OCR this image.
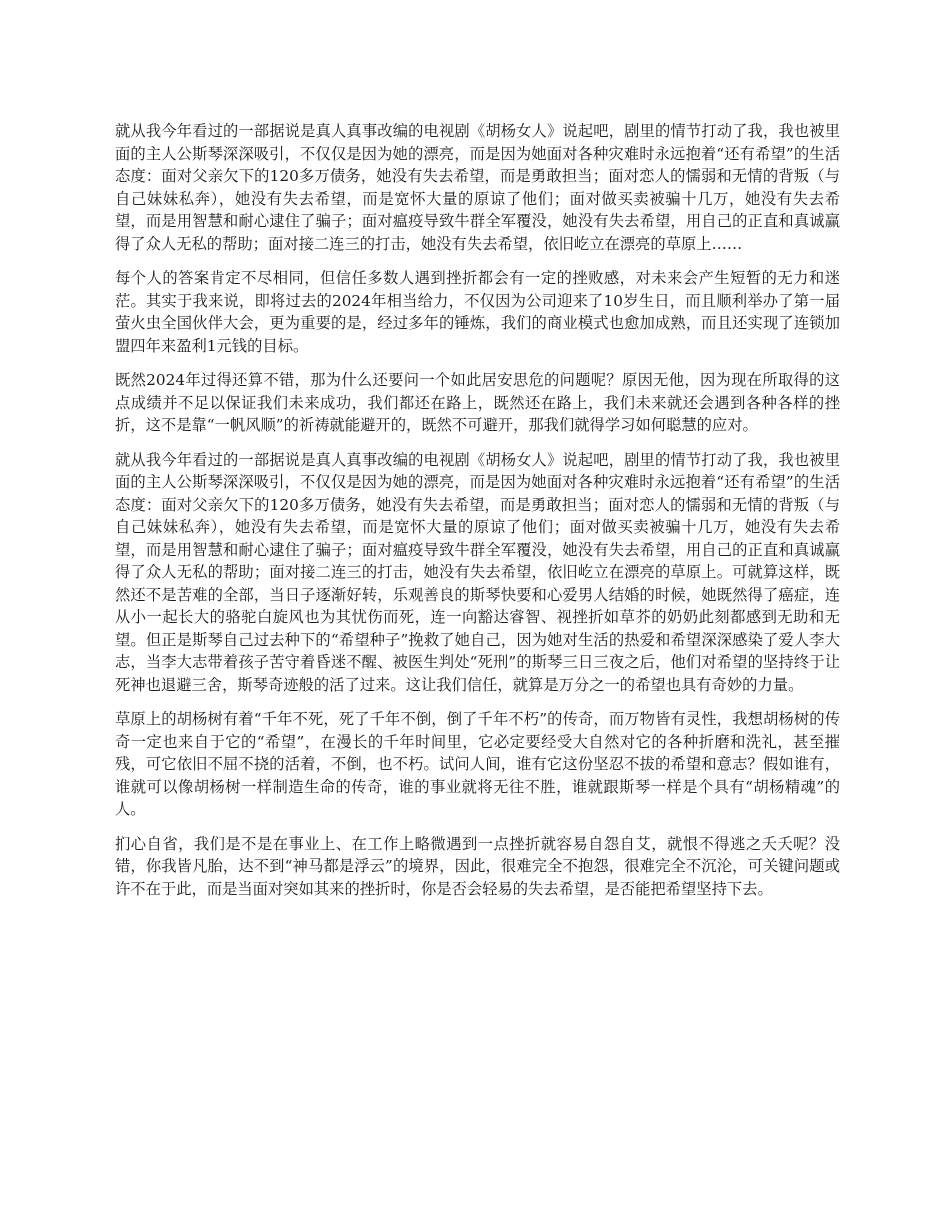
就从我今年看过的一部据说是真人真事改编的电视剧《胡杨女人》说起吧，剧里的情节打动了我，我也被里面的主人公斯琴深深吸引，不仅仅是因为她的漂亮，而是因为她面对各种灾难时永远抱着“还有希望”的生活态度：面对父亲欠下的120多万债务，她没有失去希望，而是勇敢担当；面对恋人的懦弱和无情的背叛（与自己妹妹私奔），她没有失去希望，而是宽怀大量的原谅了他们；面对做买卖被骗十几万，她没有失去希望，而是用智慧和耐心逮住了骗子；面对瘟疫导致牛群全军覆没，她没有失去希望，用自己的正直和真诚赢得了众人无私的帮助；面对接二连三的打击，她没有失去希望，依旧屹立在漂亮的草原上……

每个人的答案肯定不尽相同，但信任多数人遇到挫折都会有一定的挫败感，对未来会产生短暂的无力和迷茫。其实于我来说，即将过去的2024年相当给力，不仅因为公司迎来了10岁生日，而且顺利举办了第一届萤火虫全国伙伴大会，更为重要的是，经过多年的锤炼，我们的商业模式也愈加成熟，而且还实现了连锁加盟四年来盈利1元钱的目标。

既然2024年过得还算不错，那为什么还要问一个如此居安思危的问题呢？原因无他，因为现在所取得的这点成绩并不足以保证我们未来成功，我们都还在路上，既然还在路上，我们未来就还会遇到各种各样的挫折，这不是靠“一帆风顺”的祈祷就能避开的，既然不可避开，那我们就得学习如何聪慧的应对。

就从我今年看过的一部据说是真人真事改编的电视剧《胡杨女人》说起吧，剧里的情节打动了我，我也被里面的主人公斯琴深深吸引，不仅仅是因为她的漂亮，而是因为她面对各种灾难时永远抱着“还有希望”的生活态度：面对父亲欠下的120多万债务，她没有失去希望，而是勇敢担当；面对恋人的懦弱和无情的背叛（与自己妹妹私奔），她没有失去希望，而是宽怀大量的原谅了他们；面对做买卖被骗十几万，她没有失去希望，而是用智慧和耐心逮住了骗子；面对瘟疫导致牛群全军覆没，她没有失去希望，用自己的正直和真诚赢得了众人无私的帮助；面对接二连三的打击，她没有失去希望，依旧屹立在漂亮的草原上。可就算这样，既然还不是苦难的全部，当日子逐渐好转，乐观善良的斯琴快要和心爱男人结婚的时候，她既然得了癌症，连从小一起长大的骆驼白旋风也为其忧伤而死，连一向豁达睿智、视挫折如草芥的奶奶此刻都感到无助和无望。但正是斯琴自己过去种下的“希望种子”挽救了她自己，因为她对生活的热爱和希望深深感染了爱人李大志，当李大志带着孩子苦守着昏迷不醒、被医生判处“死刑”的斯琴三日三夜之后，他们对希望的坚持终于让死神也退避三舍，斯琴奇迹般的活了过来。这让我们信任，就算是万分之一的希望也具有奇妙的力量。

草原上的胡杨树有着“千年不死，死了千年不倒，倒了千年不朽”的传奇，而万物皆有灵性，我想胡杨树的传奇一定也来自于它的“希望”，在漫长的千年时间里，它必定要经受大自然对它的各种折磨和洗礼，甚至摧残，可它依旧不屈不挠的活着，不倒，也不朽。试问人间，谁有它这份坚忍不拔的希望和意志？假如谁有，谁就可以像胡杨树一样制造生命的传奇，谁的事业就将无往不胜，谁就跟斯琴一样是个具有“胡杨精魂”的人。

扪心自省，我们是不是在事业上、在工作上略微遇到一点挫折就容易自怨自艾，就恨不得逃之夭夭呢？没错，你我皆凡胎，达不到“神马都是浮云”的境界，因此，很难完全不抱怨，很难完全不沉沦，可关键问题或许不在于此，而是当面对突如其来的挫折时，你是否会轻易的失去希望，是否能把希望坚持下去。
